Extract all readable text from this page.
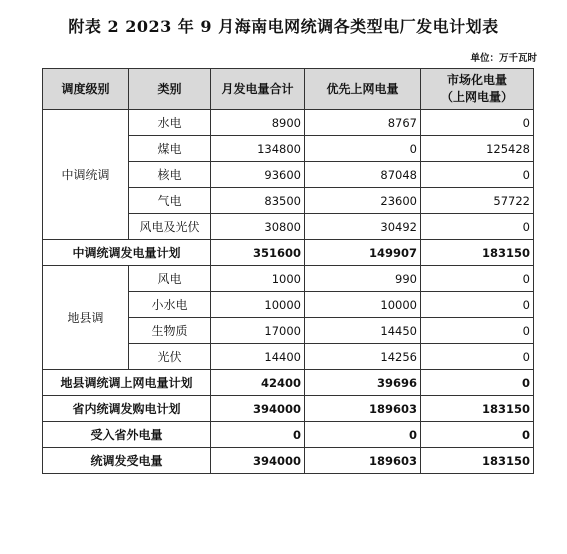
附表 2 2023 年 9 月海南电网统调各类型电厂发电计划表
单位：万千瓦时
调度级别	类别	月发电量合计	优先上网电量	市场化电量
（上网电量）
中调统调	水电	8900	8767	0
	煤电	134800	0	125428
	核电	93600	87048	0
	气电	83500	23600	57722
	风电及光伏	30800	30492	0
中调统调发电量计划		351600	149907	183150
地县调	风电	1000	990	0
	小水电	10000	10000	0
	生物质	17000	14450	0
	光伏	14400	14256	0
地县调统调上网电量计划		42400	39696	0
省内统调发购电计划		394000	189603	183150
受入省外电量		0	0	0
统调发受电量		394000	189603	183150
